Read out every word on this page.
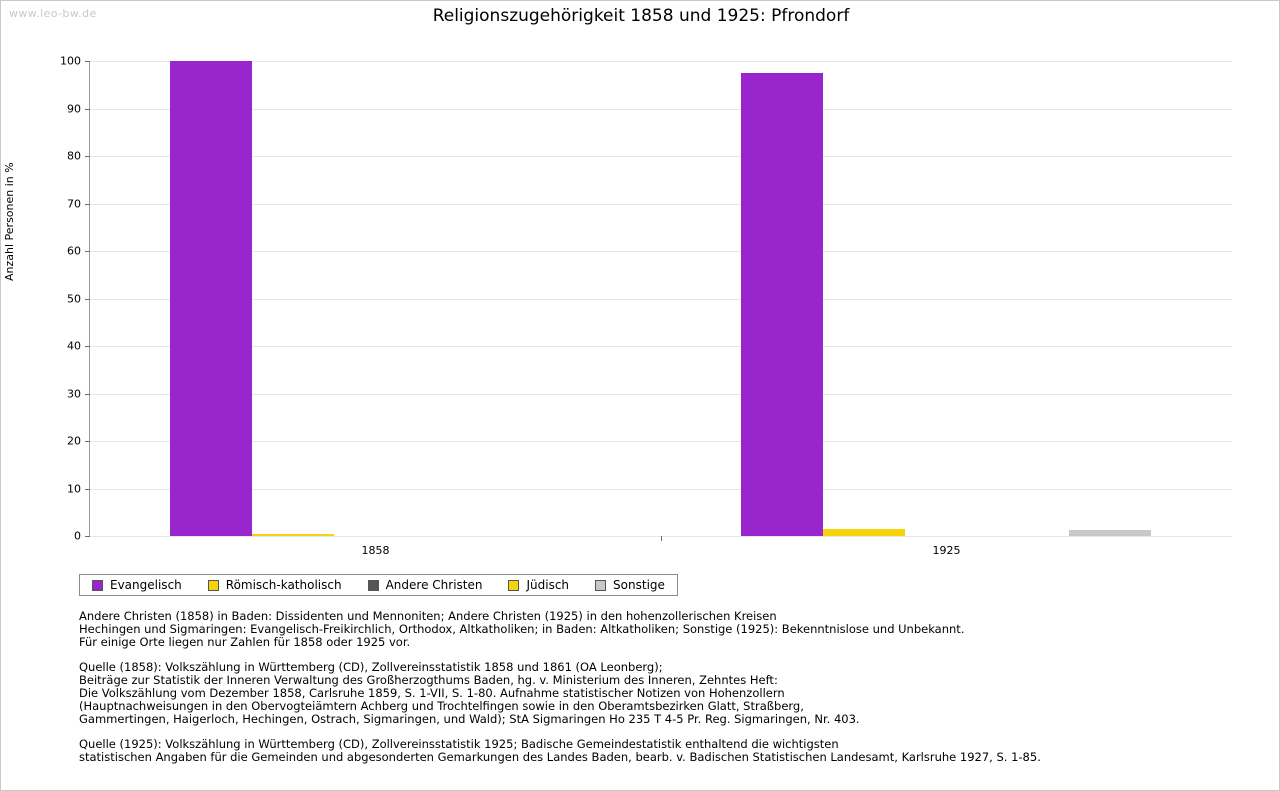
www.leo-bw.de	Religionszugehörigkeit 1858 und 1925: Pfrondorf
Anzahl Personen in %
0
10
20
30
40
50
60
70
80
90
100
1858	1925
Evangelisch	Römisch-katholisch	Andere Christen	Jüdisch	Sonstige
Andere Christen (1858) in Baden: Dissidenten und Mennoniten; Andere Christen (1925) in den hohenzollerischen Kreisen
Hechingen und Sigmaringen: Evangelisch-Freikirchlich, Orthodox, Altkatholiken; in Baden: Altkatholiken; Sonstige (1925): Bekenntnislose und Unbekannt.
Für einige Orte liegen nur Zahlen für 1858 oder 1925 vor.
Quelle (1858): Volkszählung in Württemberg (CD), Zollvereinsstatistik 1858 und 1861 (OA Leonberg);
Beiträge zur Statistik der Inneren Verwaltung des Großherzogthums Baden, hg. v. Ministerium des Inneren, Zehntes Heft:
Die Volkszählung vom Dezember 1858, Carlsruhe 1859, S. 1-VII, S. 1-80. Aufnahme statistischer Notizen von Hohenzollern
(Hauptnachweisungen in den Obervogteiämtern Achberg und Trochtelfingen sowie in den Oberamtsbezirken Glatt, Straßberg,
Gammertingen, Haigerloch, Hechingen, Ostrach, Sigmaringen, und Wald); StA Sigmaringen Ho 235 T 4-5 Pr. Reg. Sigmaringen, Nr. 403.
Quelle (1925): Volkszählung in Württemberg (CD), Zollvereinsstatistik 1925; Badische Gemeindestatistik enthaltend die wichtigsten
statistischen Angaben für die Gemeinden und abgesonderten Gemarkungen des Landes Baden, bearb. v. Badischen Statistischen Landesamt, Karlsruhe 1927, S. 1-85.
